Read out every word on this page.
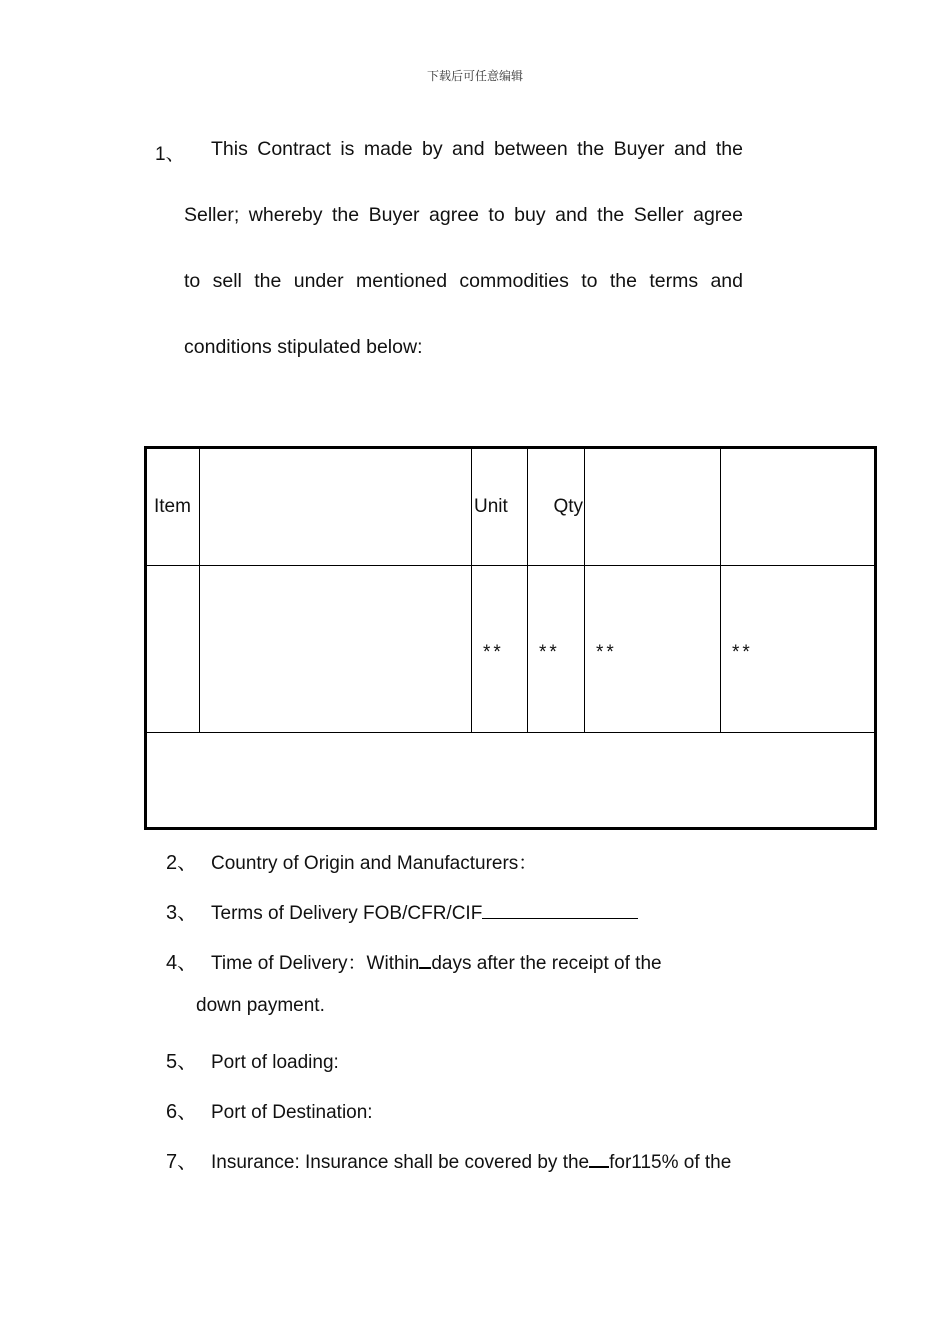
下载后可任意编辑
1、 This Contract is made by and between the Buyer and the
Seller; whereby the Buyer agree to buy and the Seller agree
to sell the under mentioned commodities to the terms and
conditions stipulated below:
Item		Unit	Qty		
		**	**	**	**

2、 Country of Origin and Manufacturers：
3、 Terms of Delivery FOB/CFR/CIF
4、 Time of Delivery：Within days after the receipt of the
down payment.
5、 Port of loading:
6、 Port of Destination:
7、 Insurance: Insurance shall be covered by the for115% of the
